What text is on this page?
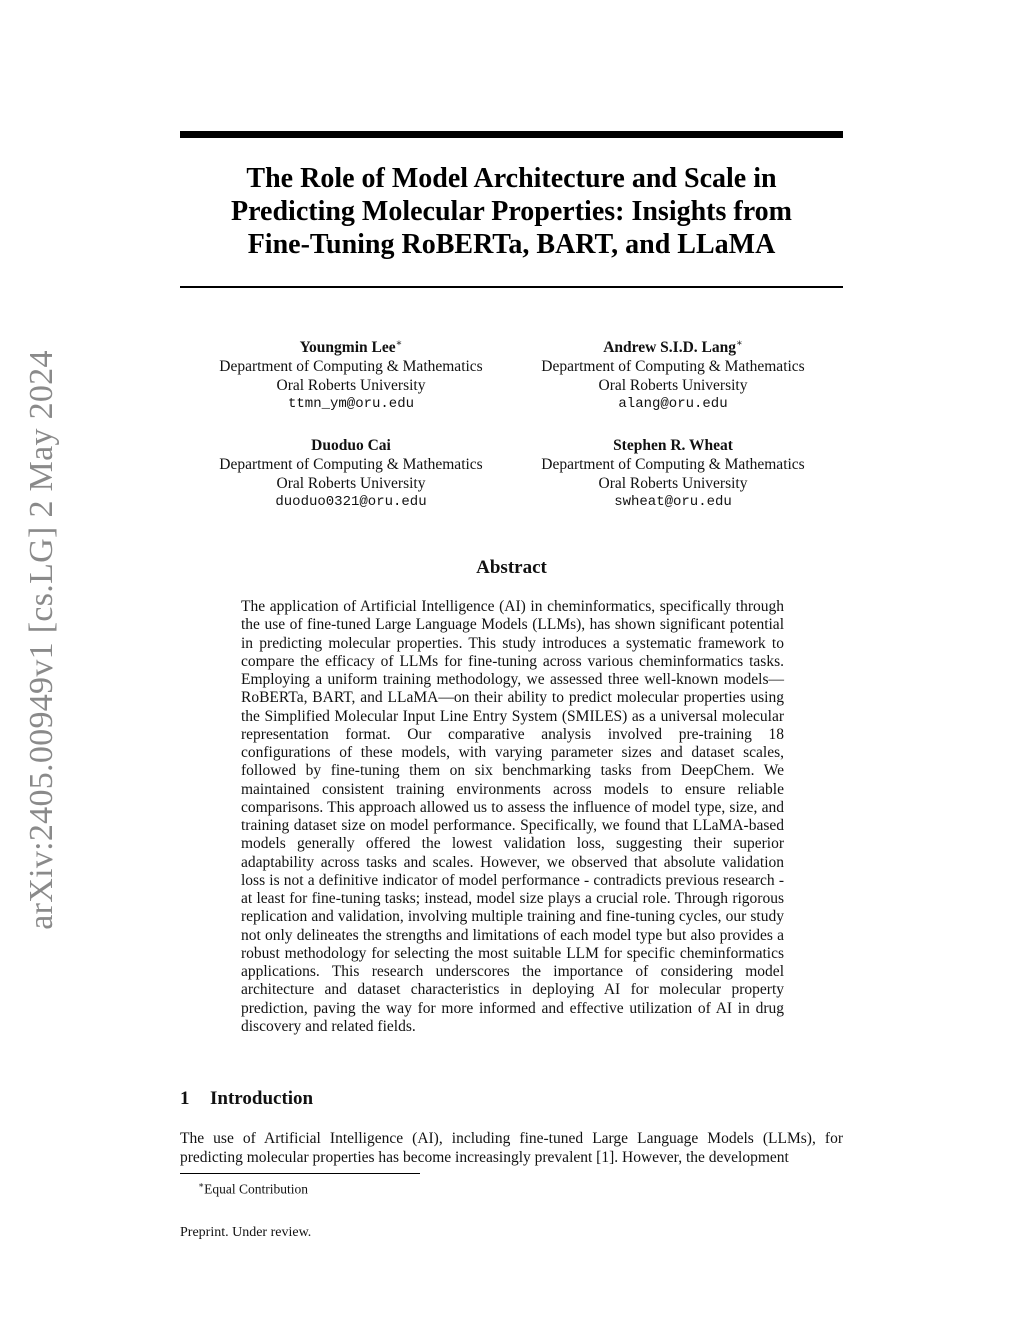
arXiv:2405.00949v1 [cs.LG] 2 May 2024
The Role of Model Architecture and Scale in
Predicting Molecular Properties: Insights from
Fine-Tuning RoBERTa, BART, and LLaMA
Youngmin Lee∗
Department of Computing & Mathematics
Oral Roberts University
ttmn_ym@oru.edu
Andrew S.I.D. Lang∗
Department of Computing & Mathematics
Oral Roberts University
alang@oru.edu
Duoduo Cai
Department of Computing & Mathematics
Oral Roberts University
duoduo0321@oru.edu
Stephen R. Wheat
Department of Computing & Mathematics
Oral Roberts University
swheat@oru.edu
Abstract
The application of Artificial Intelligence (AI) in cheminformatics, specifically through the use of fine-tuned Large Language Models (LLMs), has shown significant potential in predicting molecular properties. This study introduces a systematic framework to compare the efficacy of LLMs for fine-tuning across various cheminformatics tasks. Employing a uniform training methodology, we assessed three well-known models—RoBERTa, BART, and LLaMA—on their ability to predict molecular properties using the Simplified Molecular Input Line Entry System (SMILES) as a universal molecular representation format. Our comparative analysis involved pre-training 18 configurations of these models, with varying parameter sizes and dataset scales, followed by fine-tuning them on six benchmarking tasks from DeepChem. We maintained consistent training environments across models to ensure reliable comparisons. This approach allowed us to assess the influence of model type, size, and training dataset size on model performance. Specifically, we found that LLaMA-based models generally offered the lowest validation loss, suggesting their superior adaptability across tasks and scales. However, we observed that absolute validation loss is not a definitive indicator of model performance - contradicts previous research - at least for fine-tuning tasks; instead, model size plays a crucial role. Through rigorous replication and validation, involving multiple training and fine-tuning cycles, our study not only delineates the strengths and limitations of each model type but also provides a robust methodology for selecting the most suitable LLM for specific cheminformatics applications. This research underscores the importance of considering model architecture and dataset characteristics in deploying AI for molecular property prediction, paving the way for more informed and effective utilization of AI in drug discovery and related fields.
1 Introduction
The use of Artificial Intelligence (AI), including fine-tuned Large Language Models (LLMs), for predicting molecular properties has become increasingly prevalent [1]. However, the development
∗Equal Contribution
Preprint. Under review.
